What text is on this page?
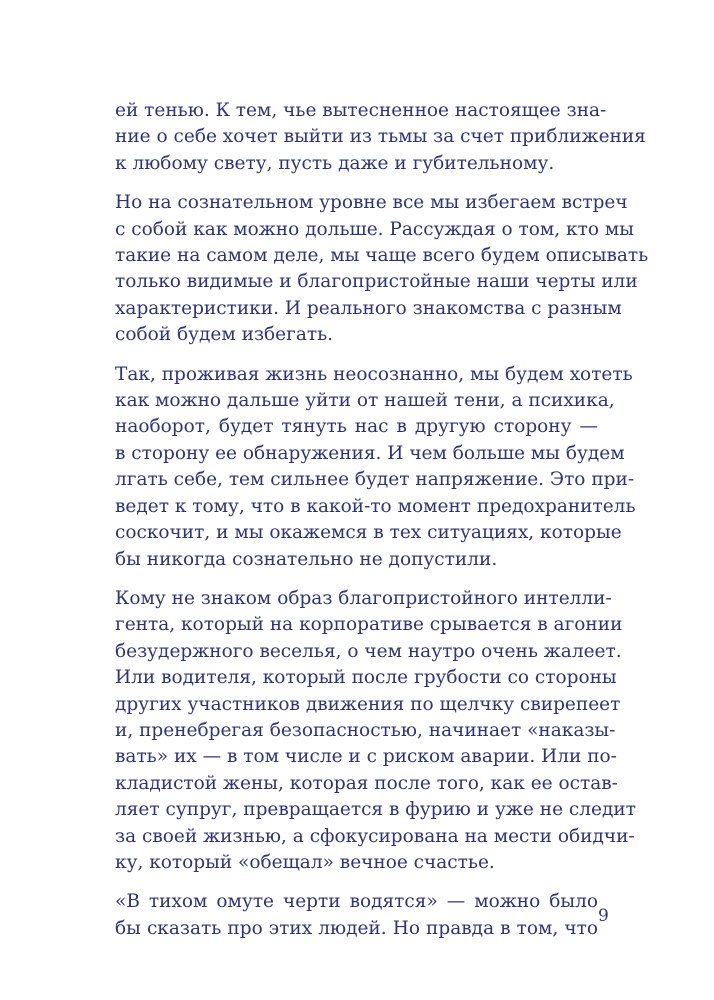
ей тенью. К тем, чье вытесненное настоящее зна-
ние о себе хочет выйти из тьмы за счет приближения
к любому свету, пусть даже и губительному.

Но на сознательном уровне все мы избегаем встреч
с собой как можно дольше. Рассуждая о том, кто мы
такие на самом деле, мы чаще всего будем описывать
только видимые и благопристойные наши черты или
характеристики. И реального знакомства с разным
собой будем избегать.

Так, проживая жизнь неосознанно, мы будем хотеть
как можно дальше уйти от нашей тени, а психика,
наоборот, будет тянуть нас в другую сторону —
в сторону ее обнаружения. И чем больше мы будем
лгать себе, тем сильнее будет напряжение. Это при-
ведет к тому, что в какой-то момент предохранитель
соскочит, и мы окажемся в тех ситуациях, которые
бы никогда сознательно не допустили.

Кому не знаком образ благопристойного интелли-
гента, который на корпоративе срывается в агонии
безудержного веселья, о чем наутро очень жалеет.
Или водителя, который после грубости со стороны
других участников движения по щелчку свирепеет
и, пренебрегая безопасностью, начинает «наказы-
вать» их — в том числе и с риском аварии. Или по-
кладистой жены, которая после того, как ее остав-
ляет супруг, превращается в фурию и уже не следит
за своей жизнью, а сфокусирована на мести обидчи-
ку, который «обещал» вечное счастье.

«В тихом омуте черти водятся» — можно было
бы сказать про этих людей. Но правда в том, что

9
